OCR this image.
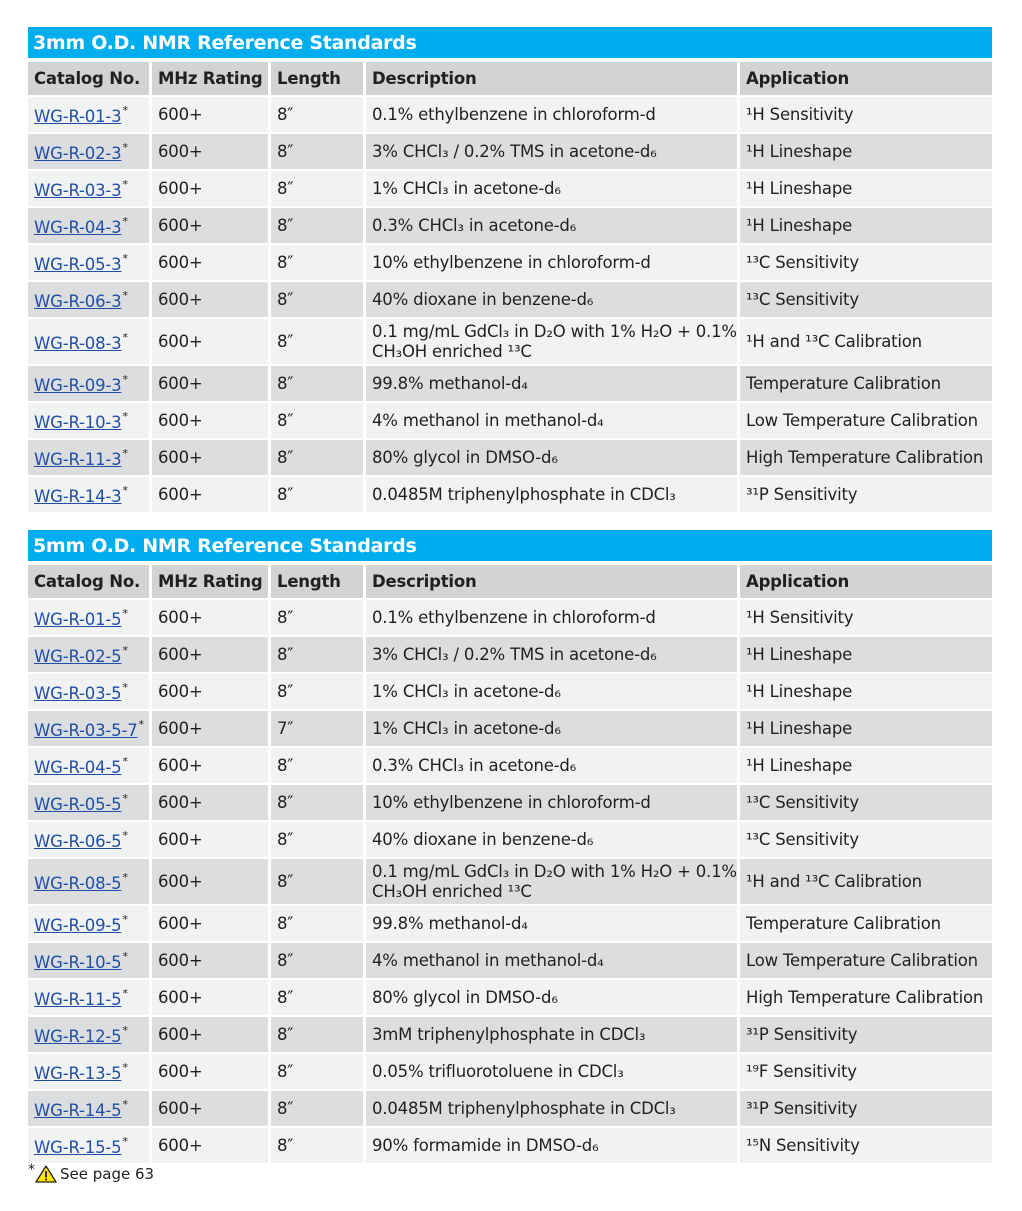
3mm O.D. NMR Reference Standards
Catalog No.	MHz Rating	Length	Description	Application
WG-R-01-3*	600+	8″	0.1% ethylbenzene in chloroform-d	¹H Sensitivity
WG-R-02-3*	600+	8″	3% CHCl₃ / 0.2% TMS in acetone-d₆	¹H Lineshape
WG-R-03-3*	600+	8″	1% CHCl₃ in acetone-d₆	¹H Lineshape
WG-R-04-3*	600+	8″	0.3% CHCl₃ in acetone-d₆	¹H Lineshape
WG-R-05-3*	600+	8″	10% ethylbenzene in chloroform-d	¹³C Sensitivity
WG-R-06-3*	600+	8″	40% dioxane in benzene-d₆	¹³C Sensitivity
WG-R-08-3*	600+	8″	0.1 mg/mL GdCl₃ in D₂O with 1% H₂O + 0.1% CH₃OH enriched ¹³C	¹H and ¹³C Calibration
WG-R-09-3*	600+	8″	99.8% methanol-d₄	Temperature Calibration
WG-R-10-3*	600+	8″	4% methanol in methanol-d₄	Low Temperature Calibration
WG-R-11-3*	600+	8″	80% glycol in DMSO-d₆	High Temperature Calibration
WG-R-14-3*	600+	8″	0.0485M triphenylphosphate in CDCl₃	³¹P Sensitivity
5mm O.D. NMR Reference Standards
Catalog No.	MHz Rating	Length	Description	Application
WG-R-01-5*	600+	8″	0.1% ethylbenzene in chloroform-d	¹H Sensitivity
WG-R-02-5*	600+	8″	3% CHCl₃ / 0.2% TMS in acetone-d₆	¹H Lineshape
WG-R-03-5*	600+	8″	1% CHCl₃ in acetone-d₆	¹H Lineshape
WG-R-03-5-7*	600+	7″	1% CHCl₃ in acetone-d₆	¹H Lineshape
WG-R-04-5*	600+	8″	0.3% CHCl₃ in acetone-d₆	¹H Lineshape
WG-R-05-5*	600+	8″	10% ethylbenzene in chloroform-d	¹³C Sensitivity
WG-R-06-5*	600+	8″	40% dioxane in benzene-d₆	¹³C Sensitivity
WG-R-08-5*	600+	8″	0.1 mg/mL GdCl₃ in D₂O with 1% H₂O + 0.1% CH₃OH enriched ¹³C	¹H and ¹³C Calibration
WG-R-09-5*	600+	8″	99.8% methanol-d₄	Temperature Calibration
WG-R-10-5*	600+	8″	4% methanol in methanol-d₄	Low Temperature Calibration
WG-R-11-5*	600+	8″	80% glycol in DMSO-d₆	High Temperature Calibration
WG-R-12-5*	600+	8″	3mM triphenylphosphate in CDCl₃	³¹P Sensitivity
WG-R-13-5*	600+	8″	0.05% trifluorotoluene in CDCl₃	¹⁹F Sensitivity
WG-R-14-5*	600+	8″	0.0485M triphenylphosphate in CDCl₃	³¹P Sensitivity
WG-R-15-5*	600+	8″	90% formamide in DMSO-d₆	¹⁵N Sensitivity
* See page 63
